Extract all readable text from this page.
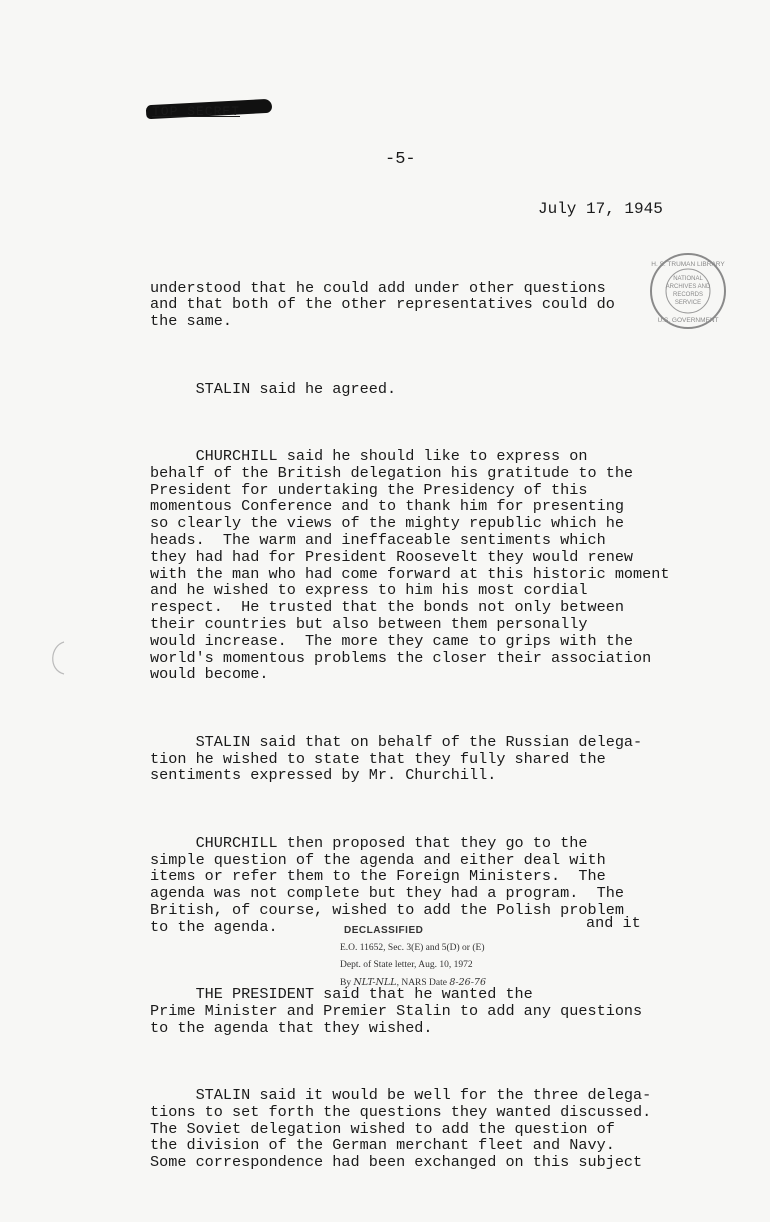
TOP SECRET
-5-
July 17, 1945
H. S. TRUMAN LIBRARY
NATIONAL
ARCHIVES AND
RECORDS
SERVICE
U.S. GOVERNMENT

understood that he could add under other questions
and that both of the other representatives could do
the same.

STALIN said he agreed.

CHURCHILL said he should like to express on
behalf of the British delegation his gratitude to the
President for undertaking the Presidency of this
momentous Conference and to thank him for presenting
so clearly the views of the mighty republic which he
heads.  The warm and ineffaceable sentiments which
they had had for President Roosevelt they would renew
with the man who had come forward at this historic moment
and he wished to express to him his most cordial
respect.  He trusted that the bonds not only between
their countries but also between them personally
would increase.  The more they came to grips with the
world's momentous problems the closer their association
would become.

STALIN said that on behalf of the Russian delega-
tion he wished to state that they fully shared the
sentiments expressed by Mr. Churchill.

CHURCHILL then proposed that they go to the
simple question of the agenda and either deal with
items or refer them to the Foreign Ministers.  The
agenda was not complete but they had a program.  The
British, of course, wished to add the Polish problem
to the agenda.

THE PRESIDENT said that he wanted the
Prime Minister and Premier Stalin to add any questions
to the agenda that they wished.

STALIN said it would be well for the three delega-
tions to set forth the questions they wanted discussed.
The Soviet delegation wished to add the question of
the division of the German merchant fleet and Navy.
Some correspondence had been exchanged on this subject

and it
DECLASSIFIED
E.O. 11652, Sec. 3(E) and 5(D) or (E)
Dept. of State letter, Aug. 10, 1972
By NLT-NLL, NARS Date 8-26-76
